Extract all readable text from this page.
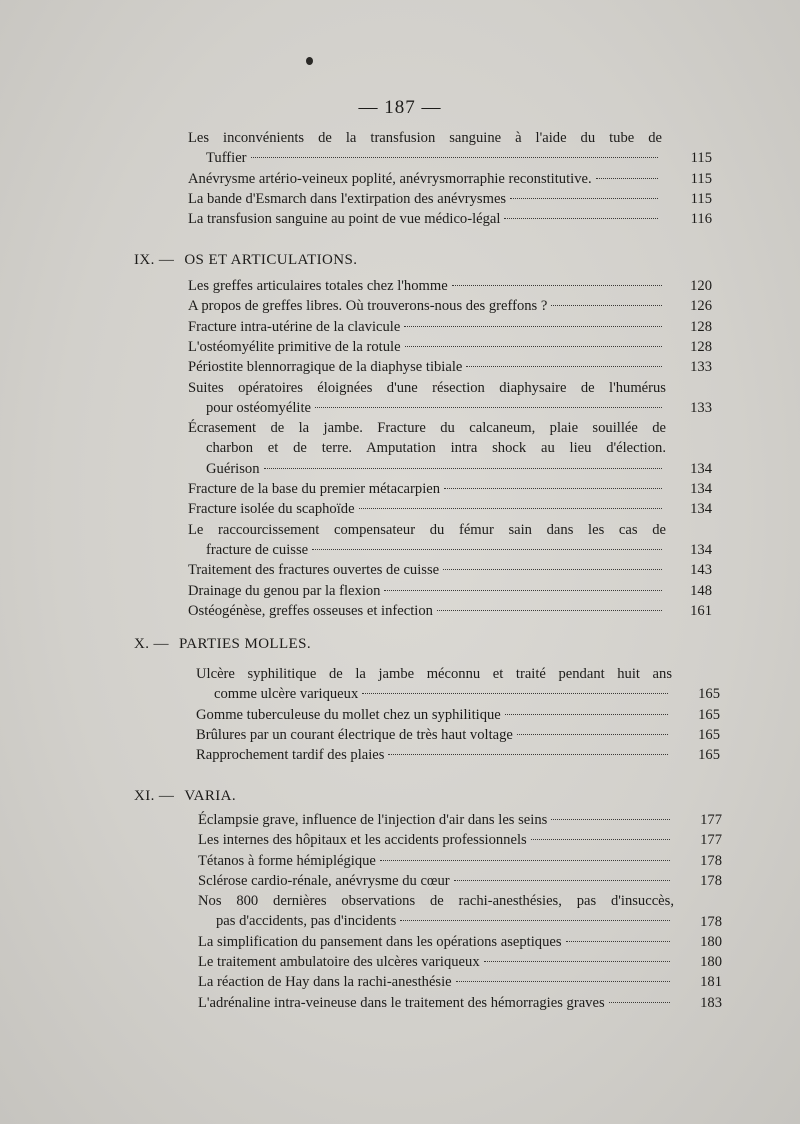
— 187 —
Les inconvénients de la transfusion sanguine à l'aide du tube de
Tuffier	115
Anévrysme artério-veineux poplité, anévrysmorraphie reconstitutive.	115
La bande d'Esmarch dans l'extirpation des anévrysmes	115
La transfusion sanguine au point de vue médico-légal	116
IX. — OS ET ARTICULATIONS.
Les greffes articulaires totales chez l'homme	120
A propos de greffes libres. Où trouverons-nous des greffons ?	126
Fracture intra-utérine de la clavicule	128
L'ostéomyélite primitive de la rotule	128
Périostite blennorragique de la diaphyse tibiale	133
Suites opératoires éloignées d'une résection diaphysaire de l'humérus
pour ostéomyélite	133
Écrasement de la jambe. Fracture du calcaneum, plaie souillée de
charbon et de terre. Amputation intra shock au lieu d'élection.
Guérison	134
Fracture de la base du premier métacarpien	134
Fracture isolée du scaphoïde	134
Le raccourcissement compensateur du fémur sain dans les cas de
fracture de cuisse	134
Traitement des fractures ouvertes de cuisse	143
Drainage du genou par la flexion	148
Ostéogénèse, greffes osseuses et infection	161
X. — PARTIES MOLLES.
Ulcère syphilitique de la jambe méconnu et traité pendant huit ans
comme ulcère variqueux	165
Gomme tuberculeuse du mollet chez un syphilitique	165
Brûlures par un courant électrique de très haut voltage	165
Rapprochement tardif des plaies	165
XI. — VARIA.
Éclampsie grave, influence de l'injection d'air dans les seins	177
Les internes des hôpitaux et les accidents professionnels	177
Tétanos à forme hémiplégique	178
Sclérose cardio-rénale, anévrysme du cœur	178
Nos 800 dernières observations de rachi-anesthésies, pas d'insuccès,
pas d'accidents, pas d'incidents	178
La simplification du pansement dans les opérations aseptiques	180
Le traitement ambulatoire des ulcères variqueux	180
La réaction de Hay dans la rachi-anesthésie	181
L'adrénaline intra-veineuse dans le traitement des hémorragies graves	183
